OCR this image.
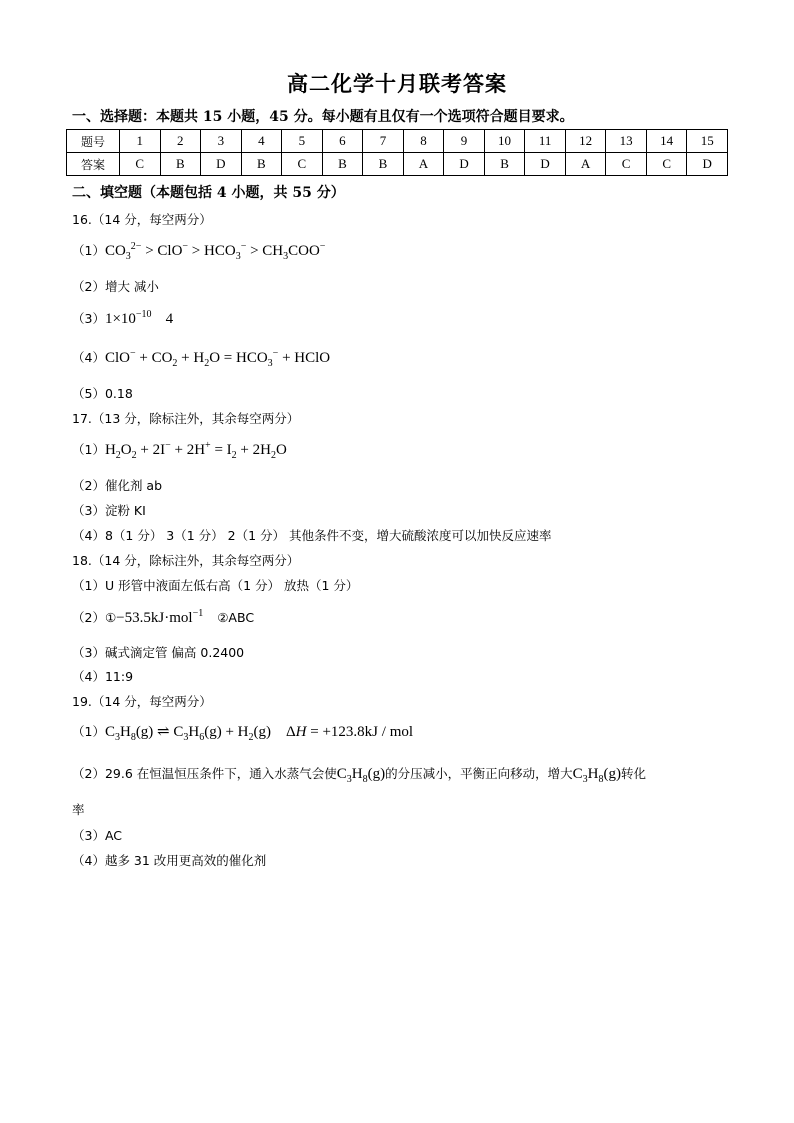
高二化学十月联考答案
一、选择题：本题共 15 小题，45 分。每小题有且仅有一个选项符合题目要求。
题号	1	2	3	4	5	6	7	8	9	10	11	12	13	14	15
答案	C	B	D	B	C	B	B	A	D	B	D	A	C	C	D
二、填空题（本题包括 4 小题，共 55 分）
16.（14 分，每空两分）
$(1)CO_3^{2-} > ClO^- > HCO_3^- > CH_3COO^-$
（2）增大 减小
$(3)1\times 10^{-10}$ 4
$(4)ClO^- + CO_2 + H_2O = HCO_3^-$ + HClO
（5）0.18
17.（13 分，除标注外，其余每空两分）
$(1)H_2O_2 + 2I^- + 2H^+ = I_2 + 2H_2O$
（2）催化剂 ab
（3）淀粉 KI
（4）8（1 分） 3（1 分） 2（1 分） 其他条件不变，增大硫酸浓度可以加快反应速率
18.（14 分，除标注外，其余每空两分）
（1）U 形管中液面左低右高（1 分） 放热（1 分）
（2）①−53.5kJ·mol$^{-1}$ ②ABC
（3）碱式滴定管 偏高 0.2400
（4）11:9
19.（14 分，每空两分）
$(1)C_3H_8(g)$ ⇌ $C_3H_6(g) + H_2(g)$    ΔH = +123.8kJ / mol
（2）29.6 在恒温恒压条件下，通入水蒸气会使$C_3H_8(g)$的分压减小，平衡正向移动，增大$C_3H_8(g)$转化
率
（3）AC
（4）越多 31 改用更高效的催化剂
